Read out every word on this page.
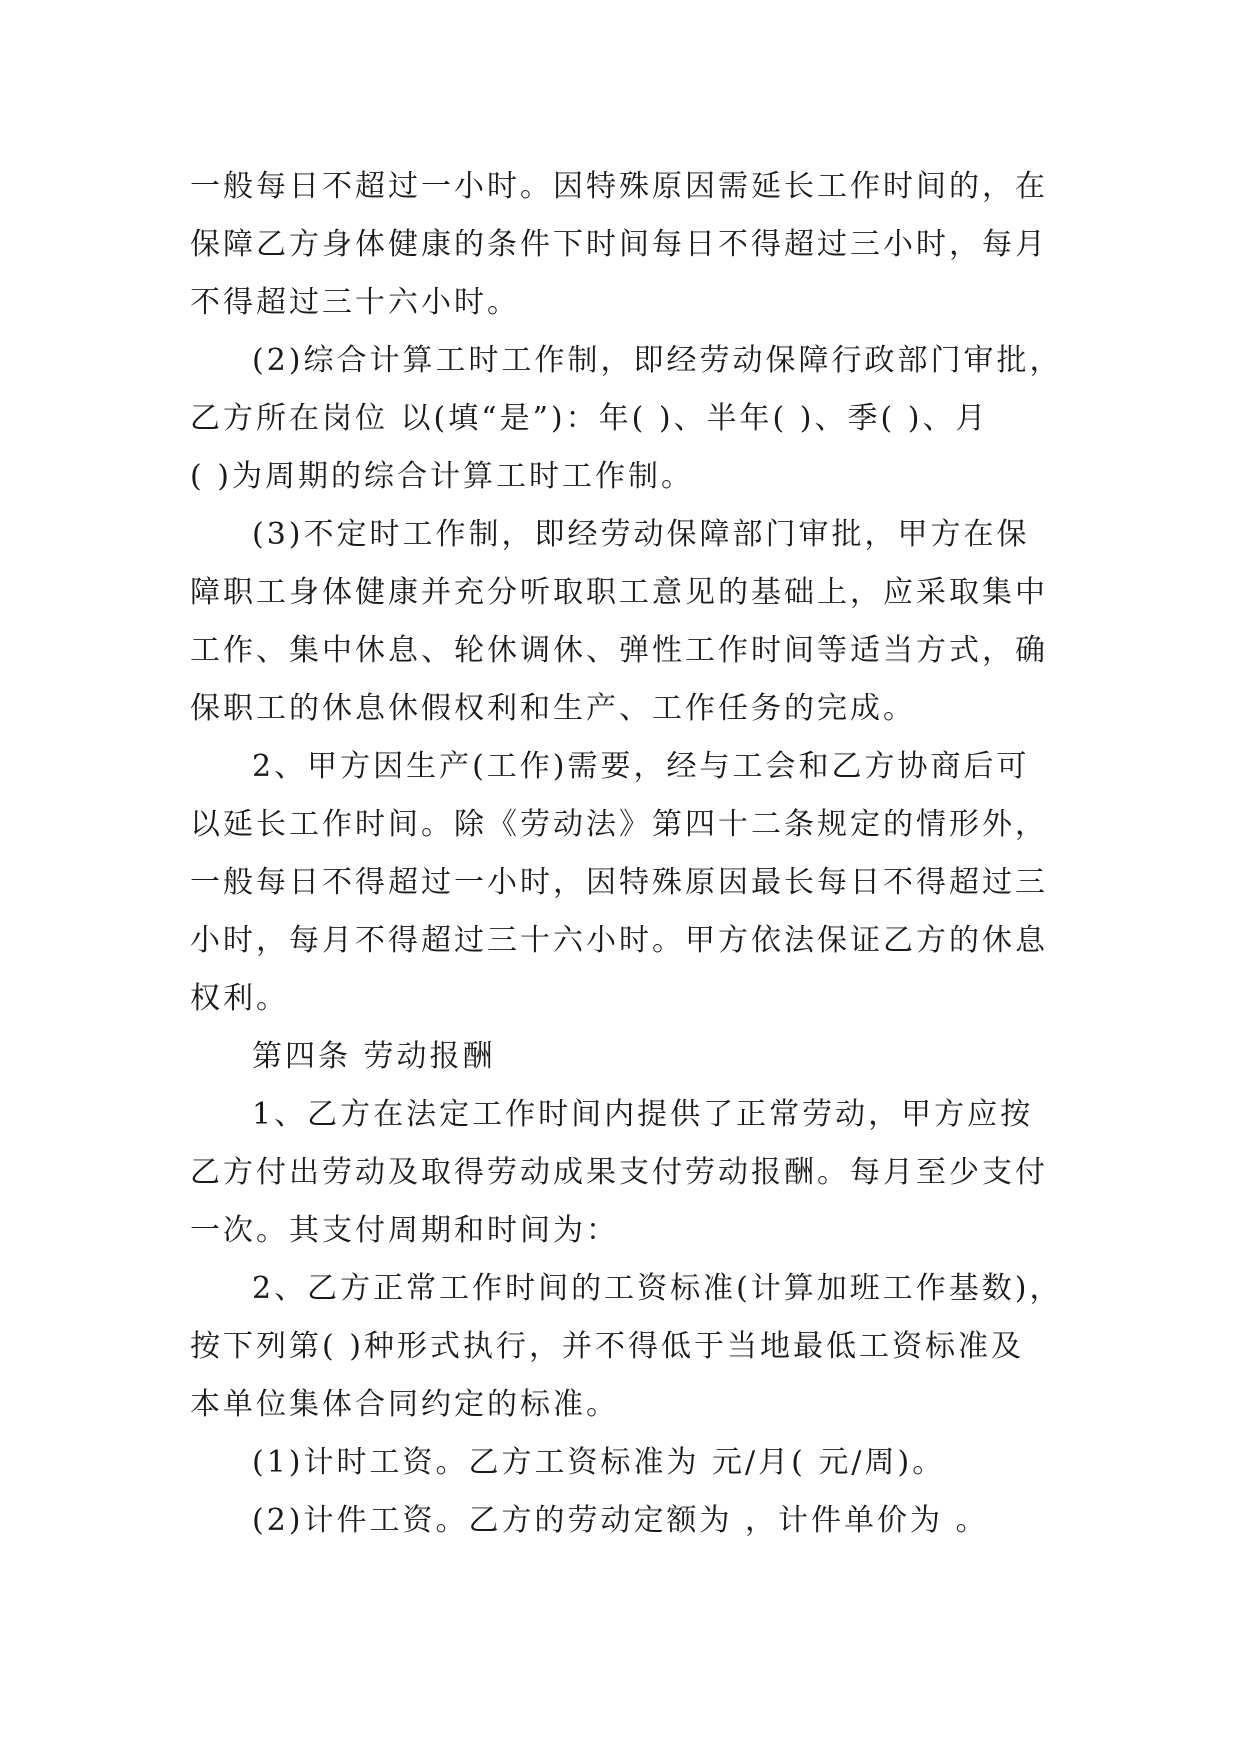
一般每日不超过一小时。因特殊原因需延长工作时间的，在
保障乙方身体健康的条件下时间每日不得超过三小时，每月
不得超过三十六小时。
(2)综合计算工时工作制，即经劳动保障行政部门审批，
乙方所在岗位 以(填“是”)：年( )、半年( )、季( )、月
( )为周期的综合计算工时工作制。
(3)不定时工作制，即经劳动保障部门审批，甲方在保
障职工身体健康并充分听取职工意见的基础上，应采取集中
工作、集中休息、轮休调休、弹性工作时间等适当方式，确
保职工的休息休假权利和生产、工作任务的完成。
2、甲方因生产(工作)需要，经与工会和乙方协商后可
以延长工作时间。除《劳动法》第四十二条规定的情形外，
一般每日不得超过一小时，因特殊原因最长每日不得超过三
小时，每月不得超过三十六小时。甲方依法保证乙方的休息
权利。
第四条 劳动报酬
1、乙方在法定工作时间内提供了正常劳动，甲方应按
乙方付出劳动及取得劳动成果支付劳动报酬。每月至少支付
一次。其支付周期和时间为：
2、乙方正常工作时间的工资标准(计算加班工作基数)，
按下列第( )种形式执行，并不得低于当地最低工资标准及
本单位集体合同约定的标准。
(1)计时工资。乙方工资标准为 元/月( 元/周)。
(2)计件工资。乙方的劳动定额为 ，计件单价为 。
